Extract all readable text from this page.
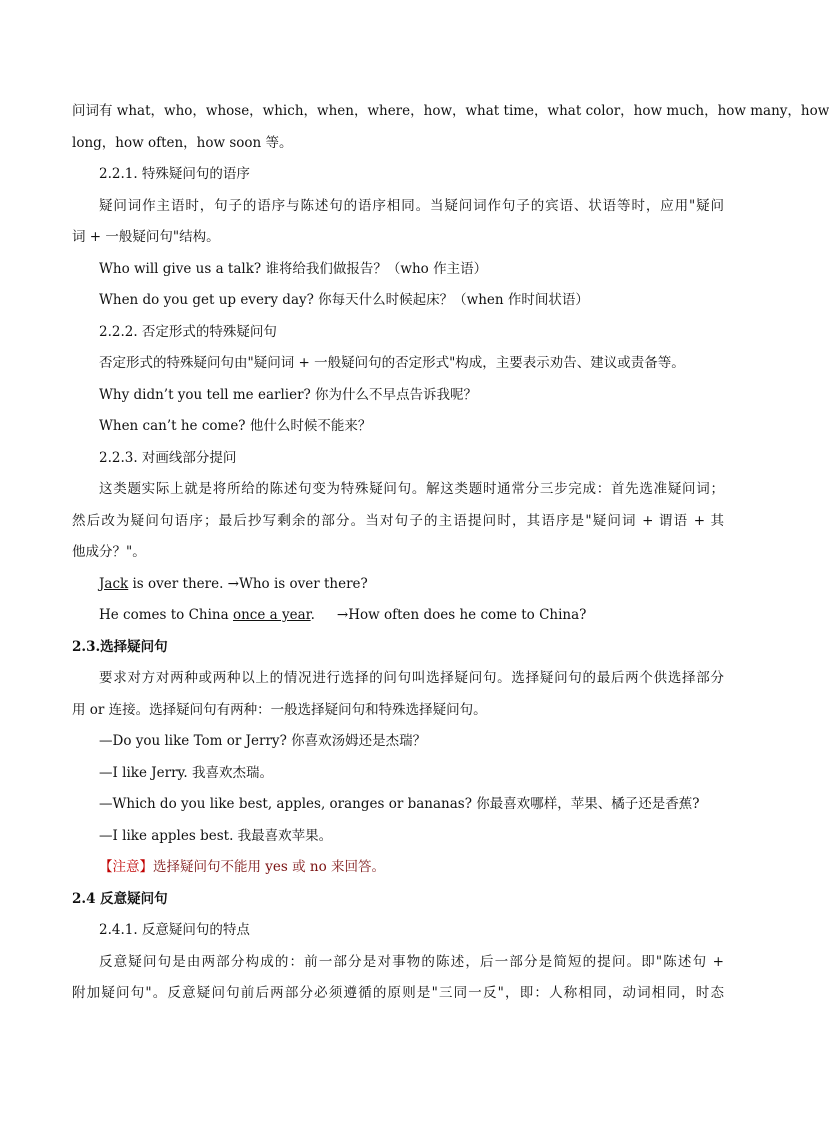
问词有 what，who，whose，which，when，where，how，what time，what color，how much，how many，how
long，how often，how soon 等。
2.2.1. 特殊疑问句的语序
疑问词作主语时，句子的语序与陈述句的语序相同。当疑问词作句子的宾语、状语等时，应用"疑问
词 + 一般疑问句"结构。
Who will give us a talk? 谁将给我们做报告？（who 作主语）
When do you get up every day? 你每天什么时候起床？（when 作时间状语）
2.2.2. 否定形式的特殊疑问句
否定形式的特殊疑问句由"疑问词 + 一般疑问句的否定形式"构成，主要表示劝告、建议或责备等。
Why didn’t you tell me earlier? 你为什么不早点告诉我呢？
When can’t he come? 他什么时候不能来？
2.2.3. 对画线部分提问
这类题实际上就是将所给的陈述句变为特殊疑问句。解这类题时通常分三步完成：首先选准疑问词；
然后改为疑问句语序；最后抄写剩余的部分。当对句子的主语提问时，其语序是"疑问词 + 谓语 + 其
他成分？"。
Jack is over there. →Who is over there?
He comes to China once a year. →How often does he come to China?
2.3.选择疑问句
要求对方对两种或两种以上的情况进行选择的问句叫选择疑问句。选择疑问句的最后两个供选择部分
用 or 连接。选择疑问句有两种：一般选择疑问句和特殊选择疑问句。
—Do you like Tom or Jerry? 你喜欢汤姆还是杰瑞？
—I like Jerry. 我喜欢杰瑞。
—Which do you like best, apples, oranges or bananas? 你最喜欢哪样，苹果、橘子还是香蕉?
—I like apples best. 我最喜欢苹果。
【注意】选择疑问句不能用 yes 或 no 来回答。
2.4 反意疑问句
2.4.1. 反意疑问句的特点
反意疑问句是由两部分构成的：前一部分是对事物的陈述，后一部分是简短的提问。即"陈述句 +
附加疑问句"。反意疑问句前后两部分必须遵循的原则是"三同一反"，即：人称相同，动词相同，时态
